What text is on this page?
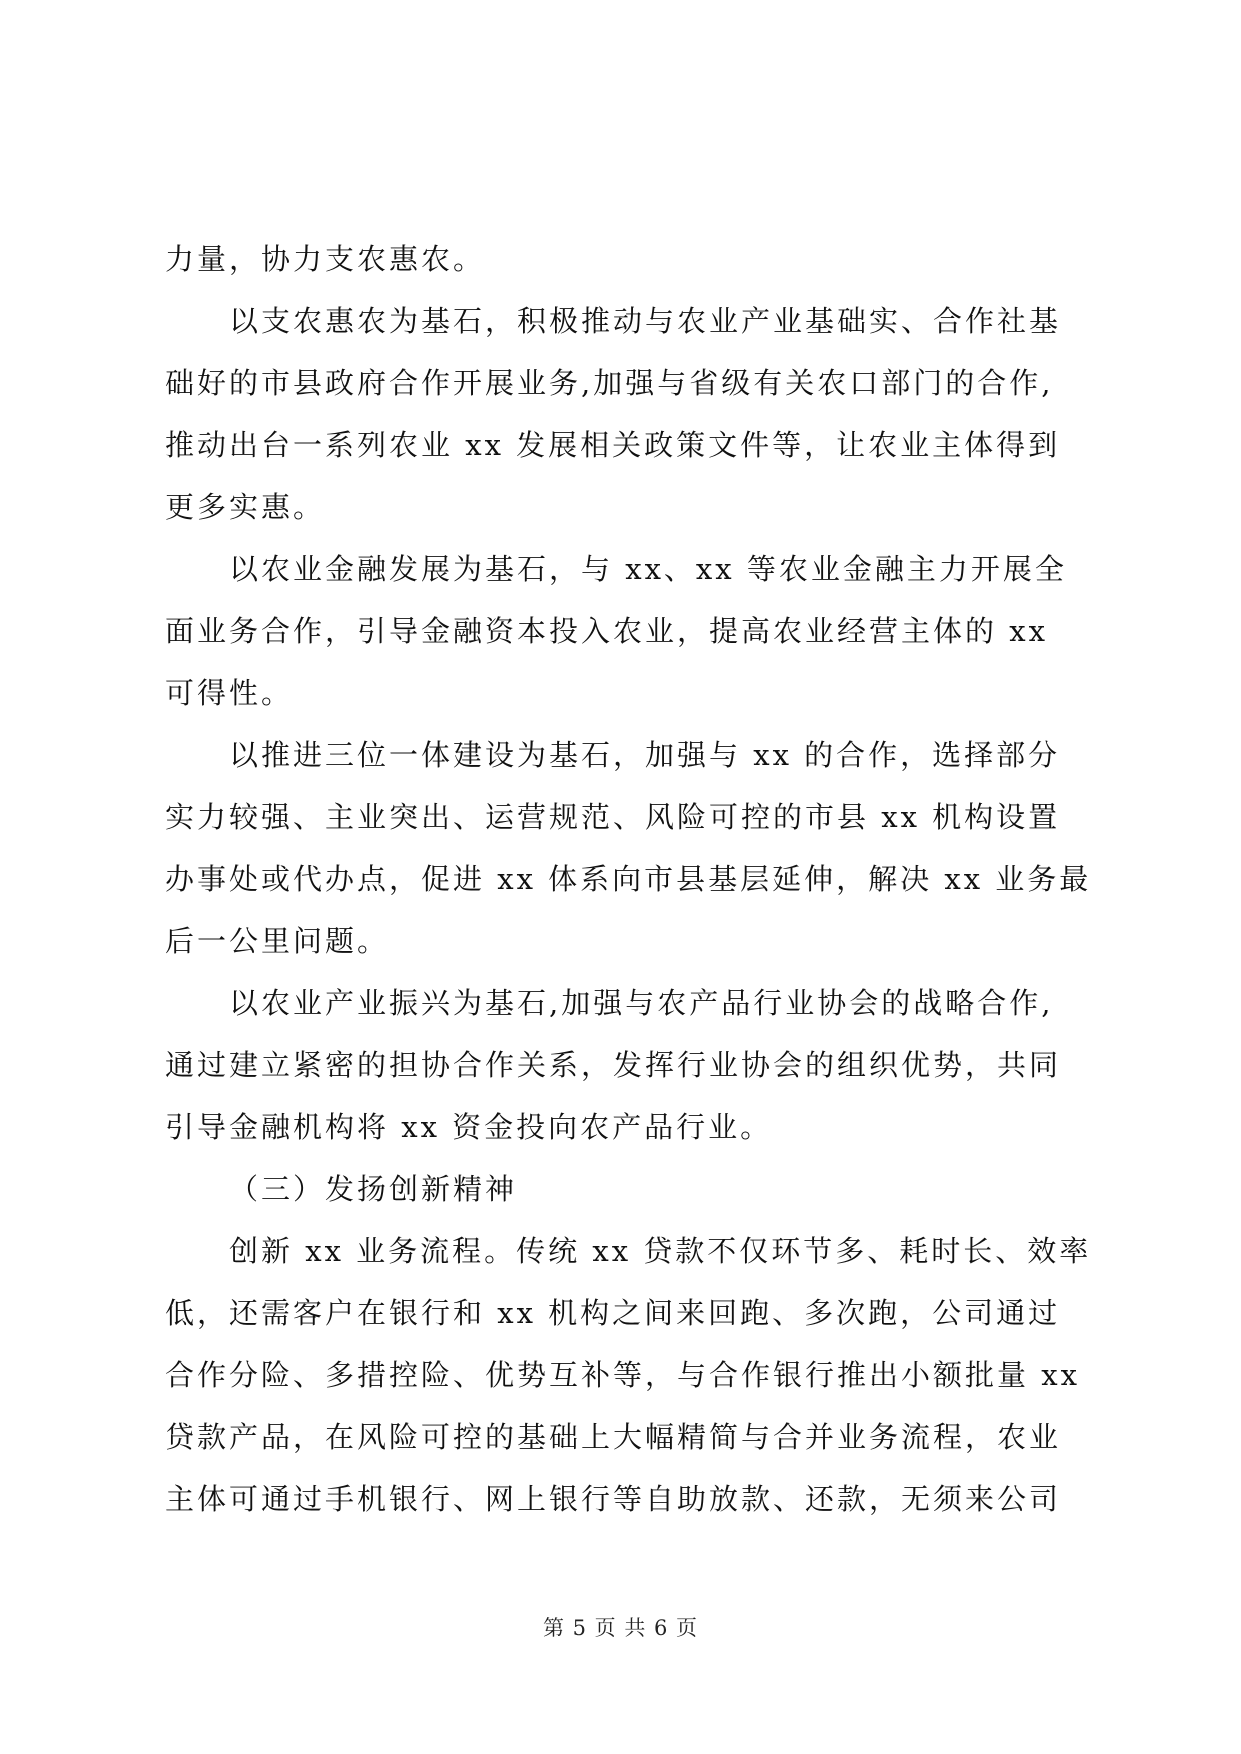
力量，协力支农惠农。
以支农惠农为基石，积极推动与农业产业基础实、合作社基
础好的市县政府合作开展业务,加强与省级有关农口部门的合作,
推动出台一系列农业 xx 发展相关政策文件等，让农业主体得到
更多实惠。
以农业金融发展为基石，与 xx、xx 等农业金融主力开展全
面业务合作，引导金融资本投入农业，提高农业经营主体的 xx
可得性。
以推进三位一体建设为基石，加强与 xx 的合作，选择部分
实力较强、主业突出、运营规范、风险可控的市县 xx 机构设置
办事处或代办点，促进 xx 体系向市县基层延伸，解决 xx 业务最
后一公里问题。
以农业产业振兴为基石,加强与农产品行业协会的战略合作,
通过建立紧密的担协合作关系，发挥行业协会的组织优势，共同
引导金融机构将 xx 资金投向农产品行业。
（三）发扬创新精神
创新 xx 业务流程。传统 xx 贷款不仅环节多、耗时长、效率
低，还需客户在银行和 xx 机构之间来回跑、多次跑，公司通过
合作分险、多措控险、优势互补等，与合作银行推出小额批量 xx
贷款产品，在风险可控的基础上大幅精简与合并业务流程，农业
主体可通过手机银行、网上银行等自助放款、还款，无须来公司
第 5 页 共 6 页
